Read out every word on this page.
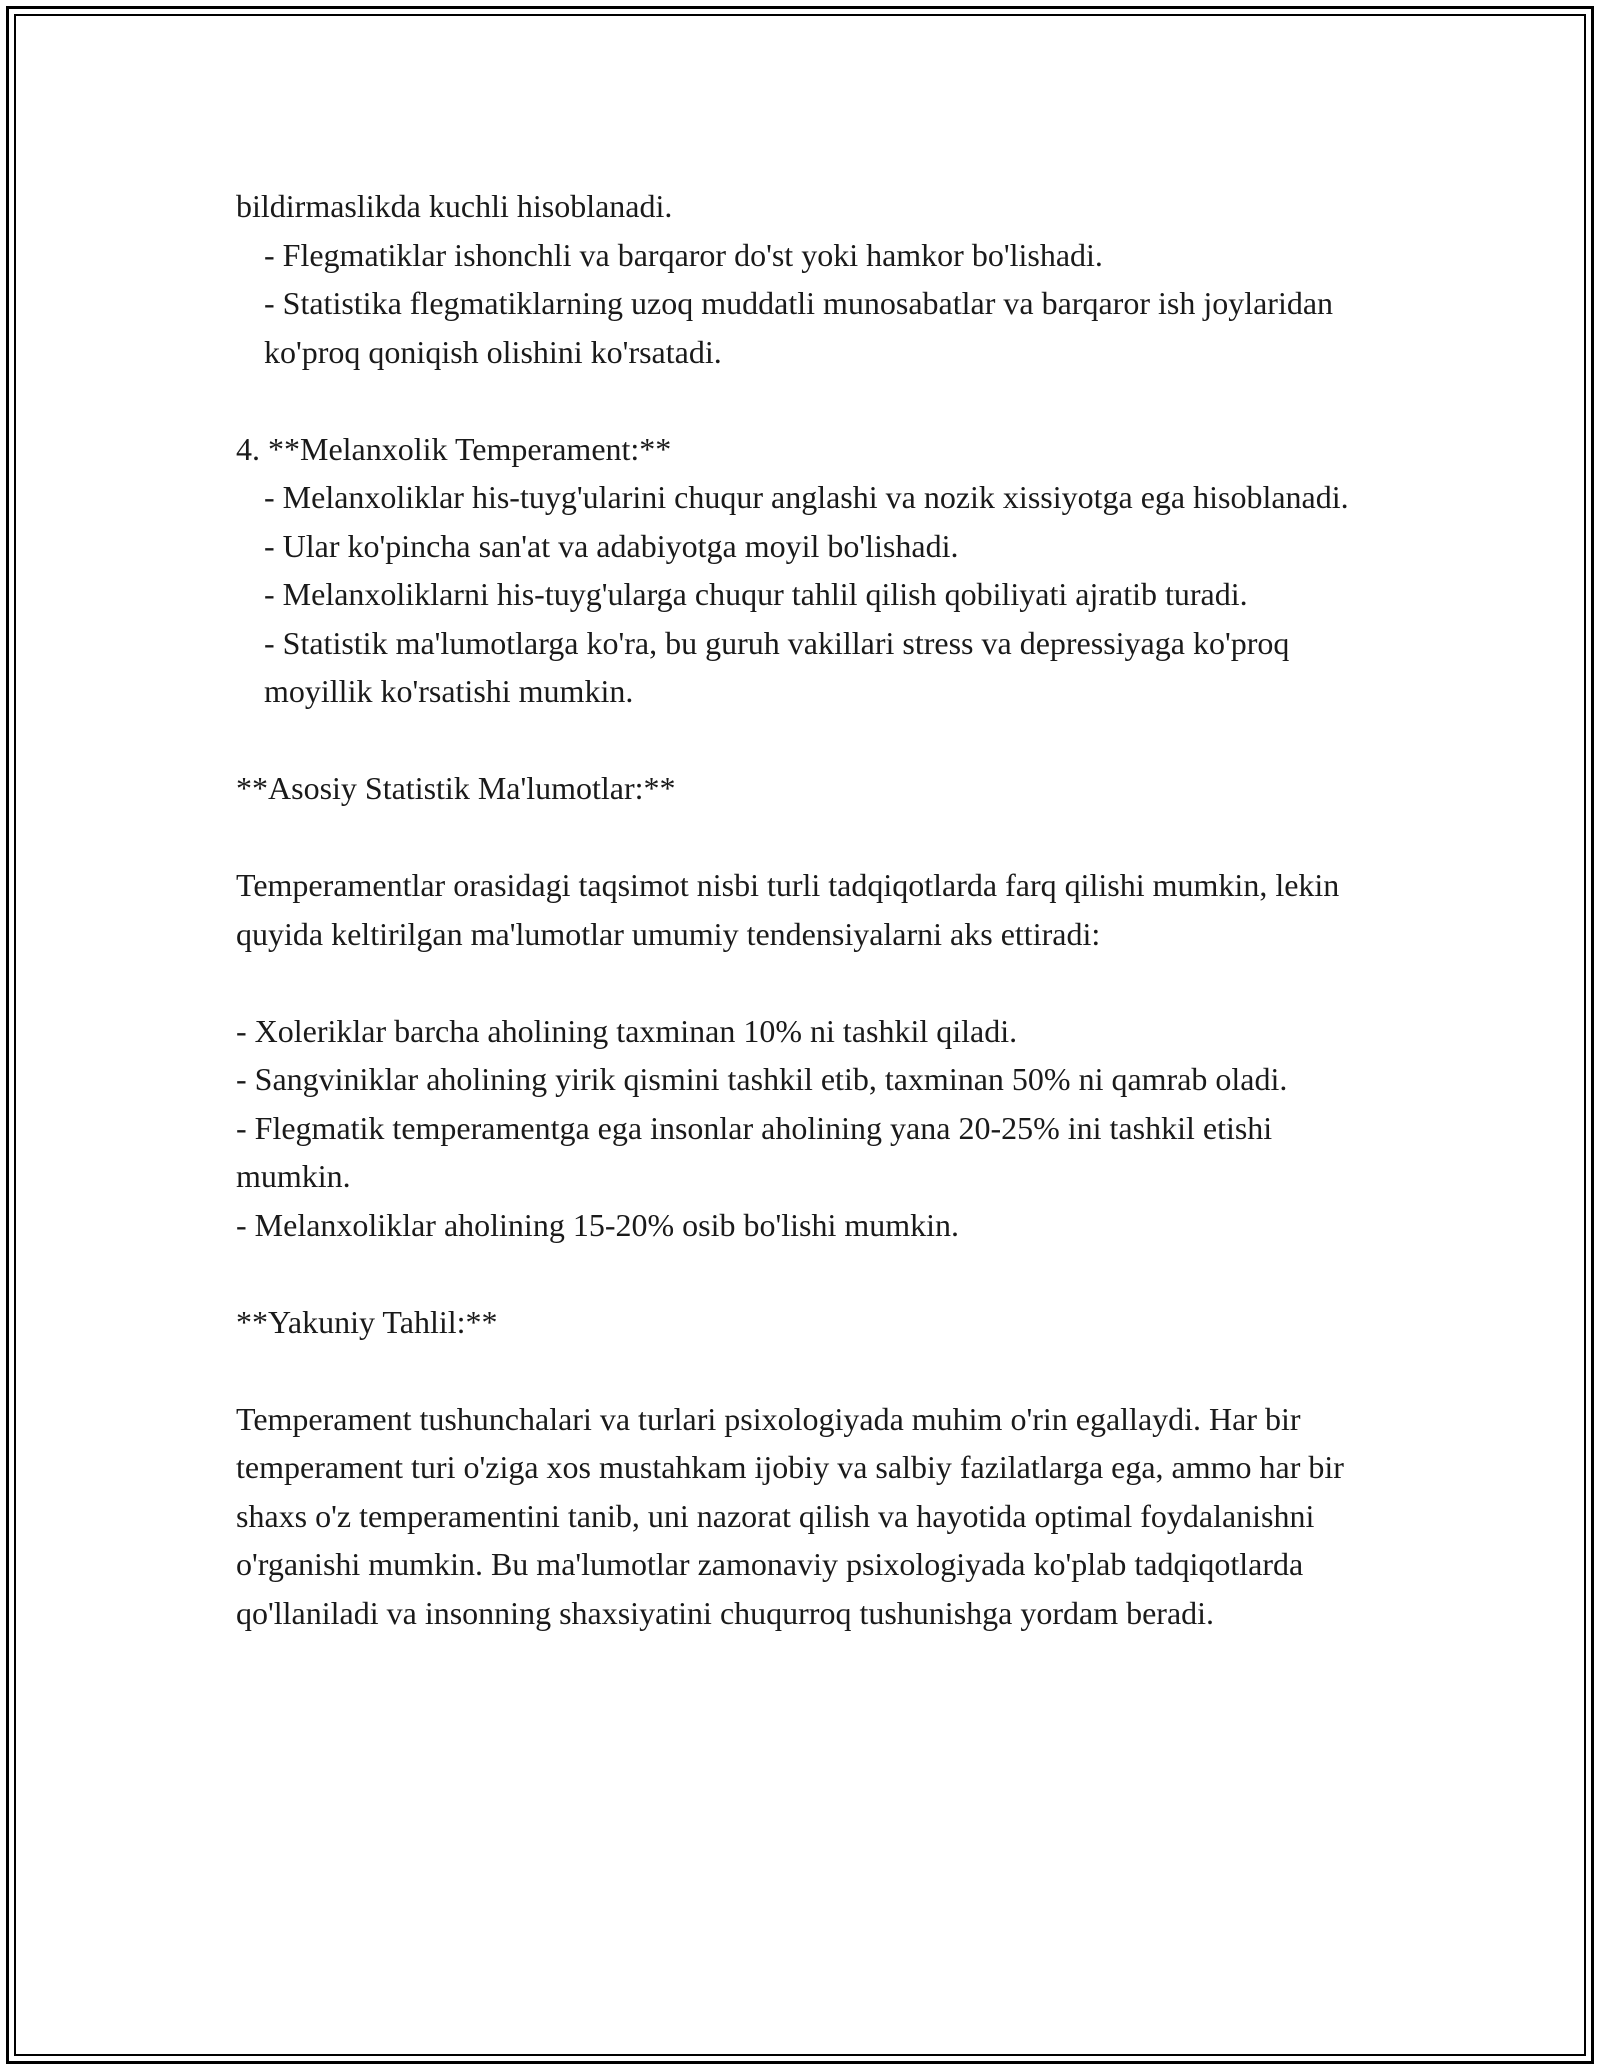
bildirmaslikda kuchli hisoblanadi.

- Flegmatiklar ishonchli va barqaror do'st yoki hamkor bo'lishadi.

- Statistika flegmatiklarning uzoq muddatli munosabatlar va barqaror ish joylaridan ko'proq qoniqish olishini ko'rsatadi.

4. **Melanxolik Temperament:**

- Melanxoliklar his-tuyg'ularini chuqur anglashi va nozik xissiyotga ega hisoblanadi.

- Ular ko'pincha san'at va adabiyotga moyil bo'lishadi.

- Melanxoliklarni his-tuyg'ularga chuqur tahlil qilish qobiliyati ajratib turadi.

- Statistik ma'lumotlarga ko'ra, bu guruh vakillari stress va depressiyaga ko'proq moyillik ko'rsatishi mumkin.

**Asosiy Statistik Ma'lumotlar:**

Temperamentlar orasidagi taqsimot nisbi turli tadqiqotlarda farq qilishi mumkin, lekin quyida keltirilgan ma'lumotlar umumiy tendensiyalarni aks ettiradi:

- Xoleriklar barcha aholining taxminan 10% ni tashkil qiladi.

- Sangviniklar aholining yirik qismini tashkil etib, taxminan 50% ni qamrab oladi.

- Flegmatik temperamentga ega insonlar aholining yana 20-25% ini tashkil etishi mumkin.

- Melanxoliklar aholining 15-20% osib bo'lishi mumkin.

**Yakuniy Tahlil:**

Temperament tushunchalari va turlari psixologiyada muhim o'rin egallaydi. Har bir temperament turi o'ziga xos mustahkam ijobiy va salbiy fazilatlarga ega, ammo har bir shaxs o'z temperamentini tanib, uni nazorat qilish va hayotida optimal foydalanishni o'rganishi mumkin. Bu ma'lumotlar zamonaviy psixologiyada ko'plab tadqiqotlarda qo'llaniladi va insonning shaxsiyatini chuqurroq tushunishga yordam beradi.
